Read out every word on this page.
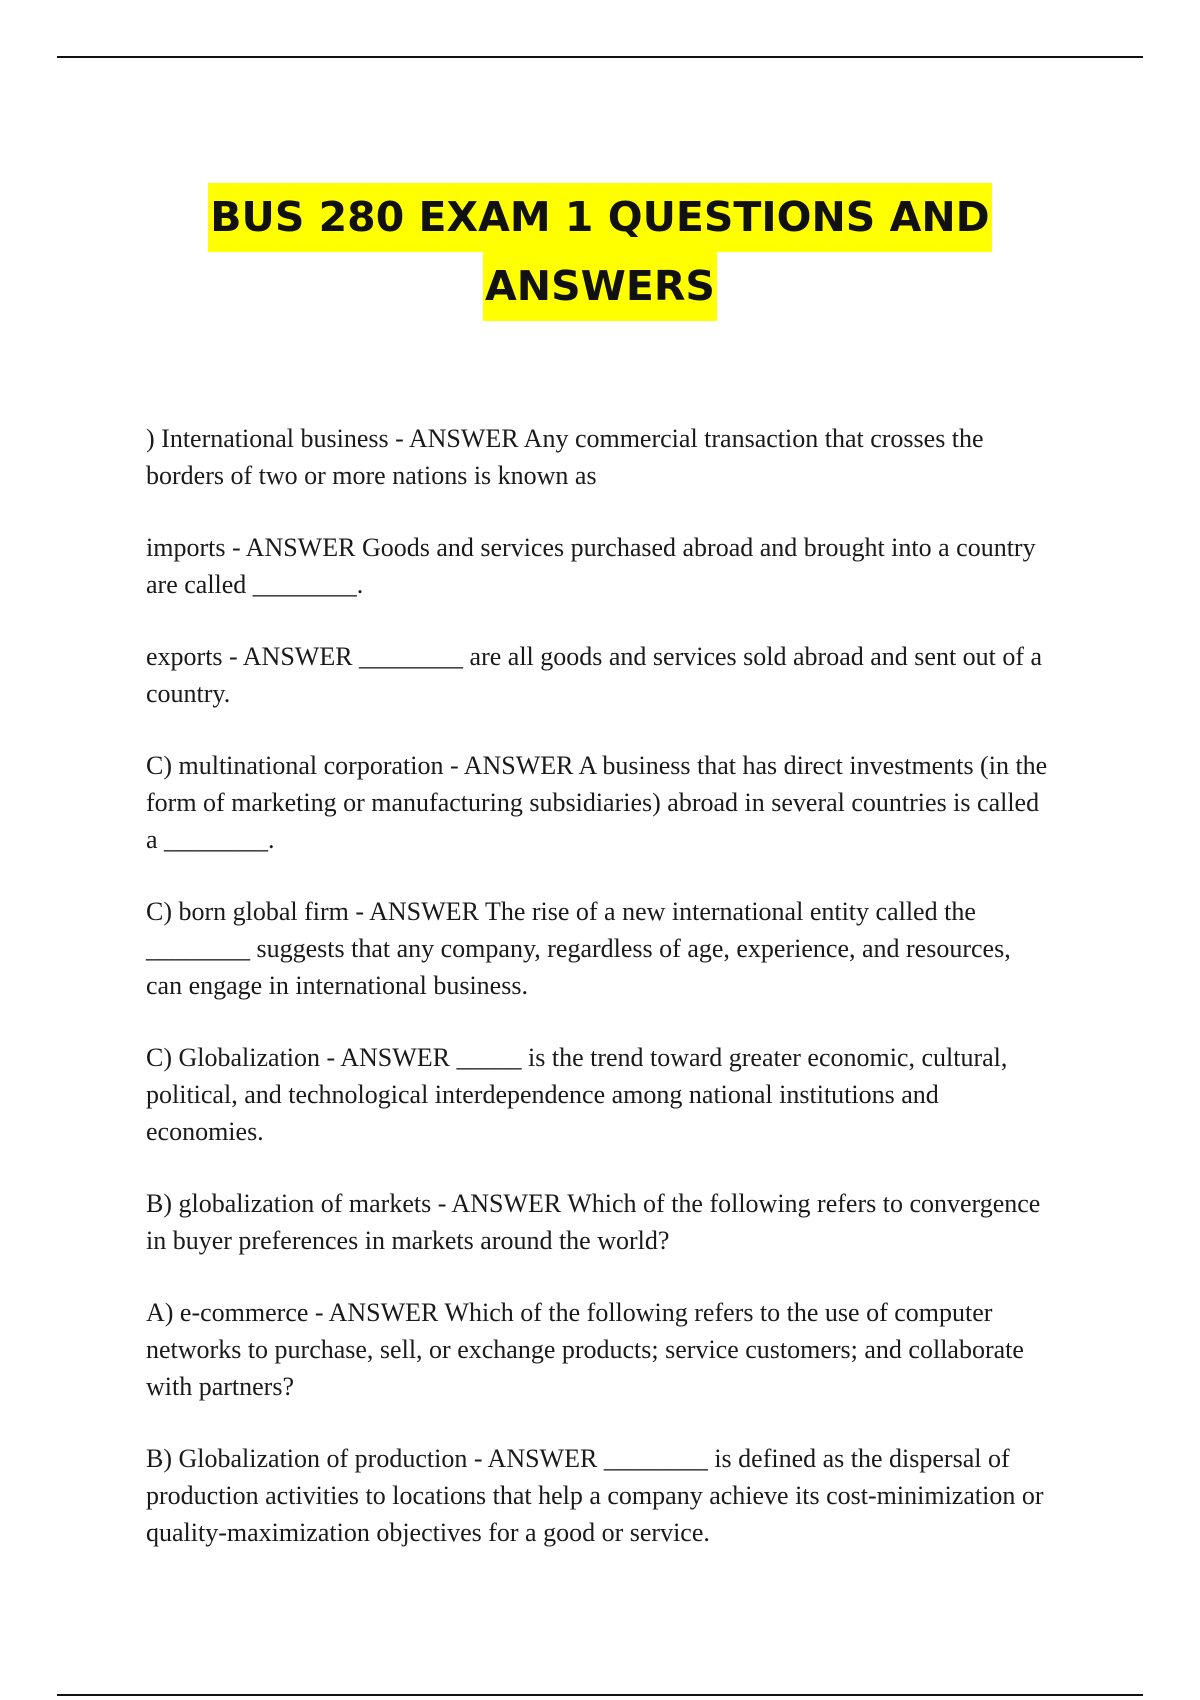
BUS 280 EXAM 1 QUESTIONS AND
ANSWERS

) International business - ANSWER Any commercial transaction that crosses the borders of two or more nations is known as

imports - ANSWER Goods and services purchased abroad and brought into a country are called ________.

exports - ANSWER ________ are all goods and services sold abroad and sent out of a country.

C) multinational corporation - ANSWER A business that has direct investments (in the form of marketing or manufacturing subsidiaries) abroad in several countries is called a ________.

C) born global firm - ANSWER The rise of a new international entity called the ________ suggests that any company, regardless of age, experience, and resources, can engage in international business.

C) Globalization - ANSWER _____ is the trend toward greater economic, cultural, political, and technological interdependence among national institutions and economies.

B) globalization of markets - ANSWER Which of the following refers to convergence in buyer preferences in markets around the world?

A) e-commerce - ANSWER Which of the following refers to the use of computer networks to purchase, sell, or exchange products; service customers; and collaborate with partners?

B) Globalization of production - ANSWER ________ is defined as the dispersal of production activities to locations that help a company achieve its cost-minimization or quality-maximization objectives for a good or service.
